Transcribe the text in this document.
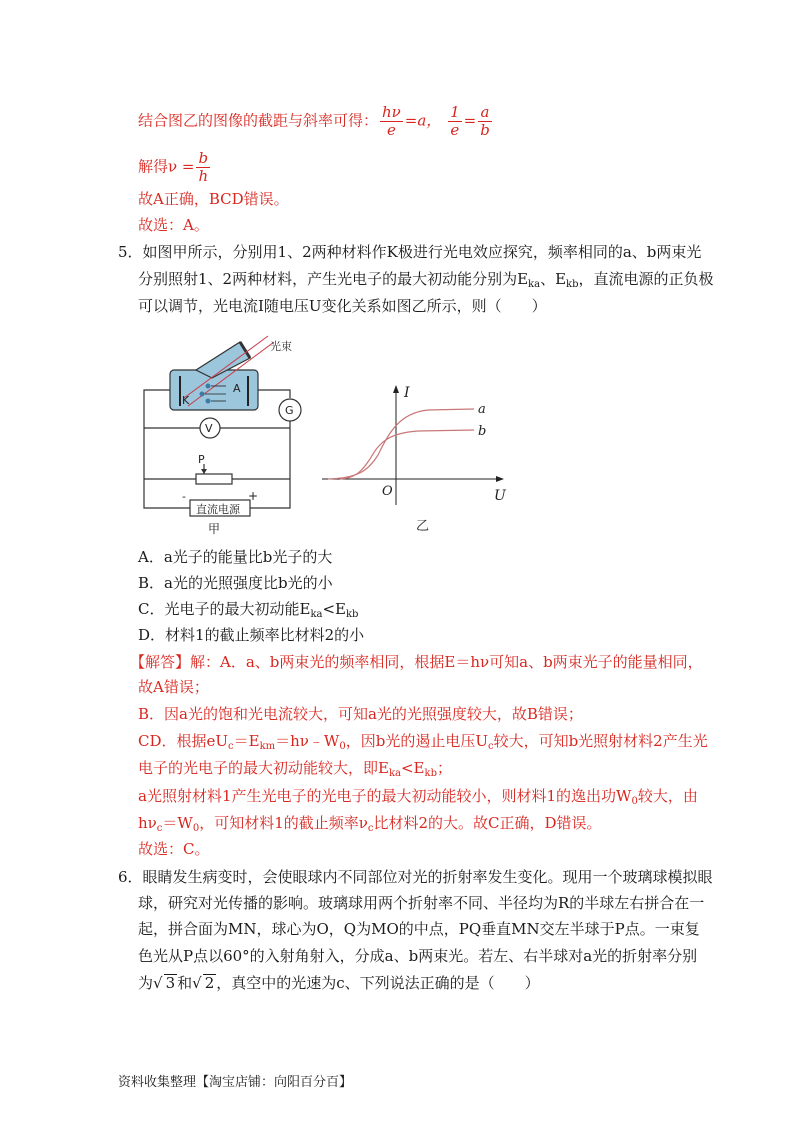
结合图乙的图像的截距与斜率可得： $\frac{h\nu}{e} =a$， $\frac{1}{e} = \frac{a}{b}$
解得$\nu = \frac{b}{h}$
故A正确，BCD错误。
故选：A。
5．如图甲所示，分别用1、2两种材料作K极进行光电效应探究，频率相同的a、b两束光
分别照射1、2两种材料，产生光电子的最大初动能分别为$E_{ka}$、$E_{kb}$，直流电源的正负极
可以调节，光电流I随电压U变化关系如图乙所示，则（　　）
光束
K
A
G
V
P
直流电源
-	+
甲
I
U
O
a
b
乙
A．a光子的能量比b光子的大
B．a光的光照强度比b光的小
C．光电子的最大初动能$E_{ka}<E_{kb}$
D．材料1的截止频率比材料2的小
【解答】解：A．a、b两束光的频率相同，根据E＝hν可知a、b两束光子的能量相同，
故A错误；
B．因a光的饱和光电流较大，可知a光的光照强度较大，故B错误；
CD．根据$eU_c=E_{km}=h\nu﹣W_0$，因b光的遏止电压$U_c$较大，可知b光照射材料2产生光
电子的光电子的最大初动能较大，即$E_{ka}<E_{kb}$；
a光照射材料1产生光电子的光电子的最大初动能较小，则材料1的逸出功$W_0$较大，由
$h\nu_c=W_0$，可知材料1的截止频率$\nu_c$比材料2的大。故C正确，D错误。
故选：C。
6．眼睛发生病变时，会使眼球内不同部位对光的折射率发生变化。现用一个玻璃球模拟眼
球，研究对光传播的影响。玻璃球用两个折射率不同、半径均为R的半球左右拼合在一
起，拼合面为MN，球心为O，Q为MO的中点，PQ垂直MN交左半球于P点。一束复
色光从P点以60°的入射角射入，分成a、b两束光。若左、右半球对a光的折射率分别
为√ 3 和√ 2 ，真空中的光速为c、下列说法正确的是（　　）
资料收集整理【淘宝店铺：向阳百分百】
